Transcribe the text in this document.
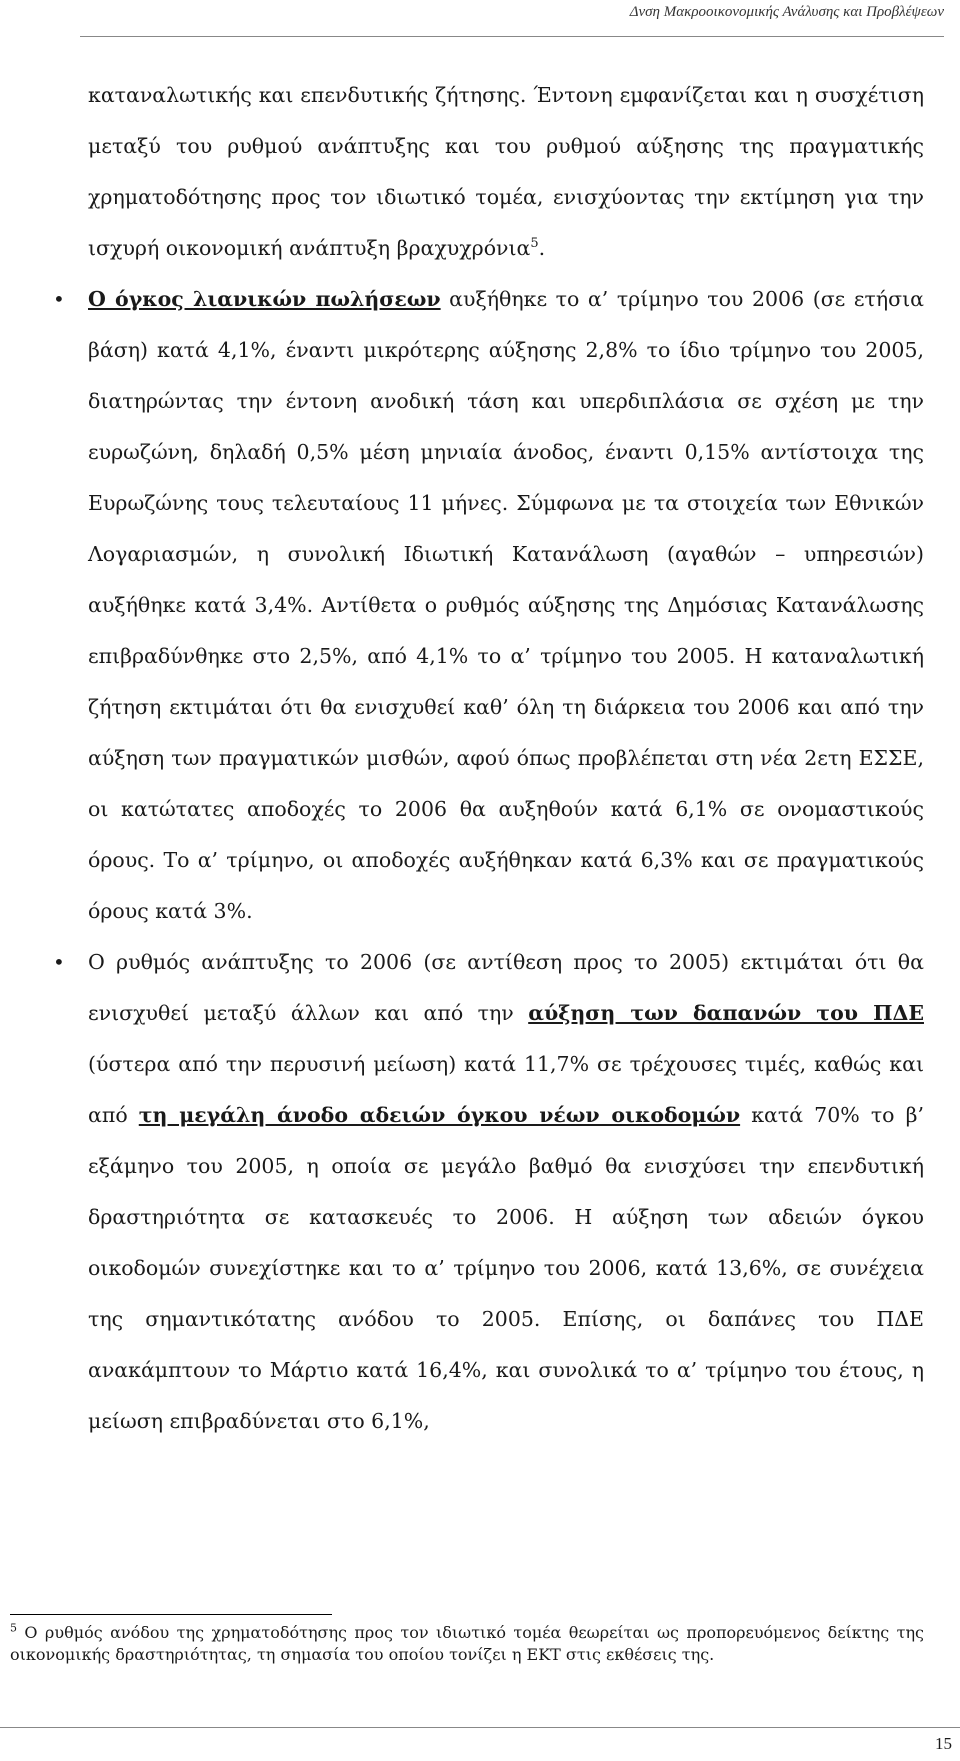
Δνση Μακροοικονομικής Ανάλυσης και Προβλέψεων

καταναλωτικής και επενδυτικής ζήτησης. Έντονη εμφανίζεται και η συσχέτιση μεταξύ του ρυθμού ανάπτυξης και του ρυθμού αύξησης της πραγματικής χρηματοδότησης προς τον ιδιωτικό τομέα, ενισχύοντας την εκτίμηση για την ισχυρή οικονομική ανάπτυξη βραχυχρόνια$^5$.

• Ο όγκος λιανικών πωλήσεων αυξήθηκε το α’ τρίμηνο του 2006 (σε ετήσια βάση) κατά 4,1%, έναντι μικρότερης αύξησης 2,8% το ίδιο τρίμηνο του 2005, διατηρώντας την έντονη ανοδική τάση και υπερδιπλάσια σε σχέση με την ευρωζώνη, δηλαδή 0,5% μέση μηνιαία άνοδος, έναντι 0,15% αντίστοιχα της Ευρωζώνης τους τελευταίους 11 μήνες. Σύμφωνα με τα στοιχεία των Εθνικών Λογαριασμών, η συνολική Ιδιωτική Κατανάλωση (αγαθών – υπηρεσιών) αυξήθηκε κατά 3,4%. Αντίθετα ο ρυθμός αύξησης της Δημόσιας Κατανάλωσης επιβραδύνθηκε στο 2,5%, από 4,1% το α’ τρίμηνο του 2005. Η καταναλωτική ζήτηση εκτιμάται ότι θα ενισχυθεί καθ’ όλη τη διάρκεια του 2006 και από την αύξηση των πραγματικών μισθών, αφού όπως προβλέπεται στη νέα 2ετη ΕΣΣΕ, οι κατώτατες αποδοχές το 2006 θα αυξηθούν κατά 6,1% σε ονομαστικούς όρους. Το α’ τρίμηνο, οι αποδοχές αυξήθηκαν κατά 6,3% και σε πραγματικούς όρους κατά 3%.

• Ο ρυθμός ανάπτυξης το 2006 (σε αντίθεση προς το 2005) εκτιμάται ότι θα ενισχυθεί μεταξύ άλλων και από την αύξηση των δαπανών του ΠΔΕ (ύστερα από την περυσινή μείωση) κατά 11,7% σε τρέχουσες τιμές, καθώς και από τη μεγάλη άνοδο αδειών όγκου νέων οικοδομών κατά 70% το β’ εξάμηνο του 2005, η οποία σε μεγάλο βαθμό θα ενισχύσει την επενδυτική δραστηριότητα σε κατασκευές το 2006. Η αύξηση των αδειών όγκου οικοδομών συνεχίστηκε και το α’ τρίμηνο του 2006, κατά 13,6%, σε συνέχεια της σημαντικότατης ανόδου το 2005. Επίσης, οι δαπάνες του ΠΔΕ ανακάμπτουν το Μάρτιο κατά 16,4%, και συνολικά το α’ τρίμηνο του έτους, η μείωση επιβραδύνεται στο 6,1%,

$^5$ Ο ρυθμός ανόδου της χρηματοδότησης προς τον ιδιωτικό τομέα θεωρείται ως προπορευόμενος δείκτης της οικονομικής δραστηριότητας, τη σημασία του οποίου τονίζει η ΕΚΤ στις εκθέσεις της.
15
